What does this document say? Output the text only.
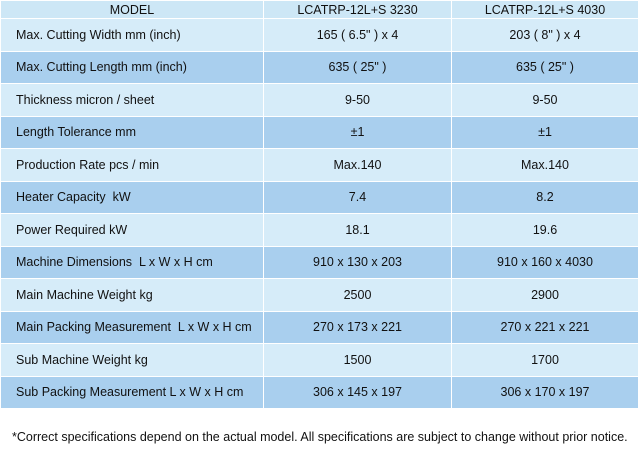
MODEL	LCATRP-12L+S 3230	LCATRP-12L+S 4030
Max. Cutting Width mm (inch)	165 ( 6.5" ) x 4	203 ( 8" ) x 4
Max. Cutting Length mm (inch)	635 ( 25" )	635 ( 25" )
Thickness micron / sheet	9-50	9-50
Length Tolerance mm	±1	±1
Production Rate pcs / min	Max.140	Max.140
Heater Capacity  kW	7.4	8.2
Power Required kW	18.1	19.6
Machine Dimensions  L x W x H cm	910 x 130 x 203	910 x 160 x 4030
Main Machine Weight kg	2500	2900
Main Packing Measurement  L x W x H cm	270 x 173 x 221	270 x 221 x 221
Sub Machine Weight kg	1500	1700
Sub Packing Measurement L x W x H cm	306 x 145 x 197	306 x 170 x 197
*Correct specifications depend on the actual model. All specifications are subject to change without prior notice.
